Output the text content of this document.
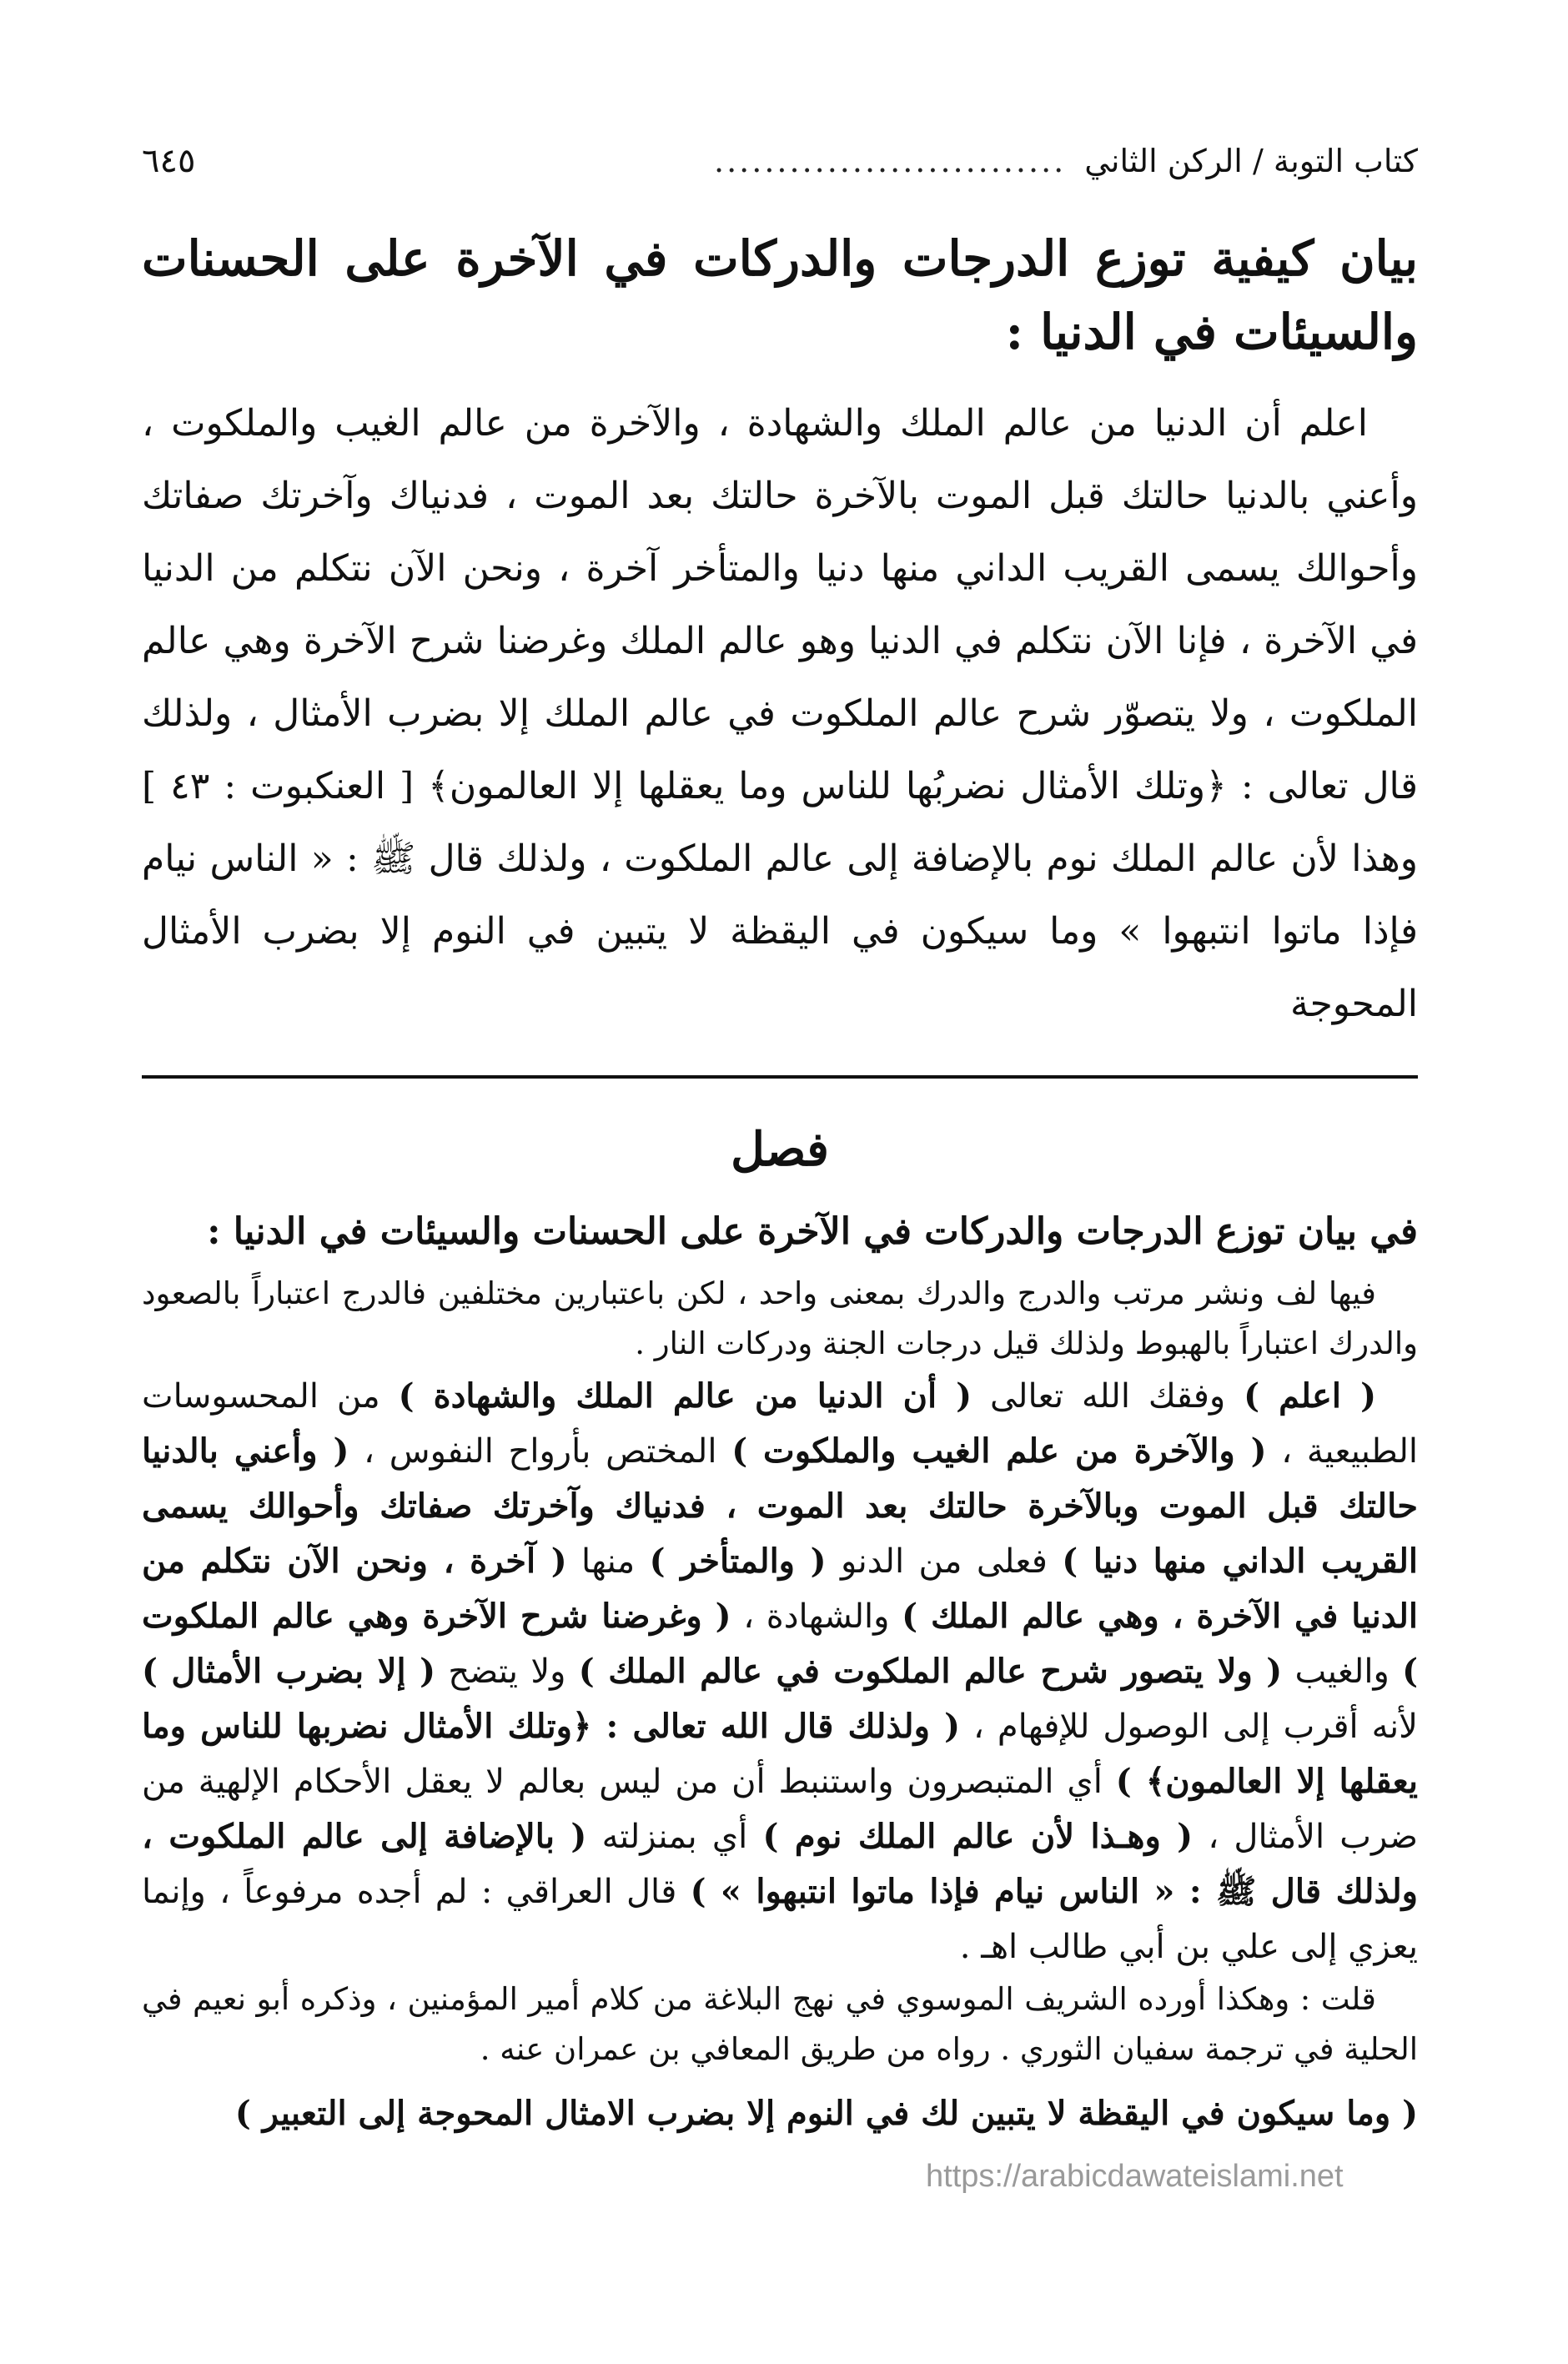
كتاب التوبة / الركن الثاني
............................
٦٤٥
بيان كيفية توزع الدرجات والدركات في الآخرة على الحسنات والسيئات في الدنيا :

اعلم أن الدنيا من عالم الملك والشهادة ، والآخرة من عالم الغيب والملكوت ، وأعني بالدنيا حالتك قبل الموت بالآخرة حالتك بعد الموت ، فدنياك وآخرتك صفاتك وأحوالك يسمى القريب الداني منها دنيا والمتأخر آخرة ، ونحن الآن نتكلم من الدنيا في الآخرة ، فإنا الآن نتكلم في الدنيا وهو عالم الملك وغرضنا شرح الآخرة وهي عالم الملكوت ، ولا يتصوّر شرح عالم الملكوت في عالم الملك إلا بضرب الأمثال ، ولذلك قال تعالى : ﴿وتلك الأمثال نضربُها للناس وما يعقلها إلا العالمون﴾ [ العنكبوت : ٤٣ ] وهذا لأن عالم الملك نوم بالإضافة إلى عالم الملكوت ، ولذلك قال ﷺ : « الناس نيام فإذا ماتوا انتبهوا » وما سيكون في اليقظة لا يتبين في النوم إلا بضرب الأمثال المحوجة

فصل
في بيان توزع الدرجات والدركات في الآخرة على الحسنات والسيئات في الدنيا :

فيها لف ونشر مرتب والدرج والدرك بمعنى واحد ، لكن باعتبارين مختلفين فالدرج اعتباراً بالصعود والدرك اعتباراً بالهبوط ولذلك قيل درجات الجنة ودركات النار .

( اعلم ) وفقك الله تعالى ( أن الدنيا من عالم الملك والشهادة ) من المحسوسات الطبيعية ، ( والآخرة من علم الغيب والملكوت ) المختص بأرواح النفوس ، ( وأعني بالدنيا حالتك قبل الموت وبالآخرة حالتك بعد الموت ، فدنياك وآخرتك صفاتك وأحوالك يسمى القريب الداني منها دنيا ) فعلى من الدنو ( والمتأخر ) منها ( آخرة ، ونحن الآن نتكلم من الدنيا في الآخرة ، وهي عالم الملك ) والشهادة ، ( وغرضنا شرح الآخرة وهي عالم الملكوت ) والغيب ( ولا يتصور شرح عالم الملكوت في عالم الملك ) ولا يتضح ( إلا بضرب الأمثال ) لأنه أقرب إلى الوصول للإفهام ، ( ولذلك قال الله تعالى : ﴿وتلك الأمثال نضربها للناس وما يعقلها إلا العالمون﴾ ) أي المتبصرون واستنبط أن من ليس بعالم لا يعقل الأحكام الإلهية من ضرب الأمثال ، ( وهـذا لأن عالم الملك نوم ) أي بمنزلته ( بالإضافة إلى عالم الملكوت ، ولذلك قال ﷺ : « الناس نيام فإذا ماتوا انتبهوا » ) قال العراقي : لم أجده مرفوعاً ، وإنما يعزي إلى علي بن أبي طالب اهـ .

قلت : وهكذا أورده الشريف الموسوي في نهج البلاغة من كلام أمير المؤمنين ، وذكره أبو نعيم في الحلية في ترجمة سفيان الثوري . رواه من طريق المعافي بن عمران عنه .

( وما سيكون في اليقظة لا يتبين لك في النوم إلا بضرب الامثال المحوجة إلى التعبير )

https://arabicdawateislami.net
